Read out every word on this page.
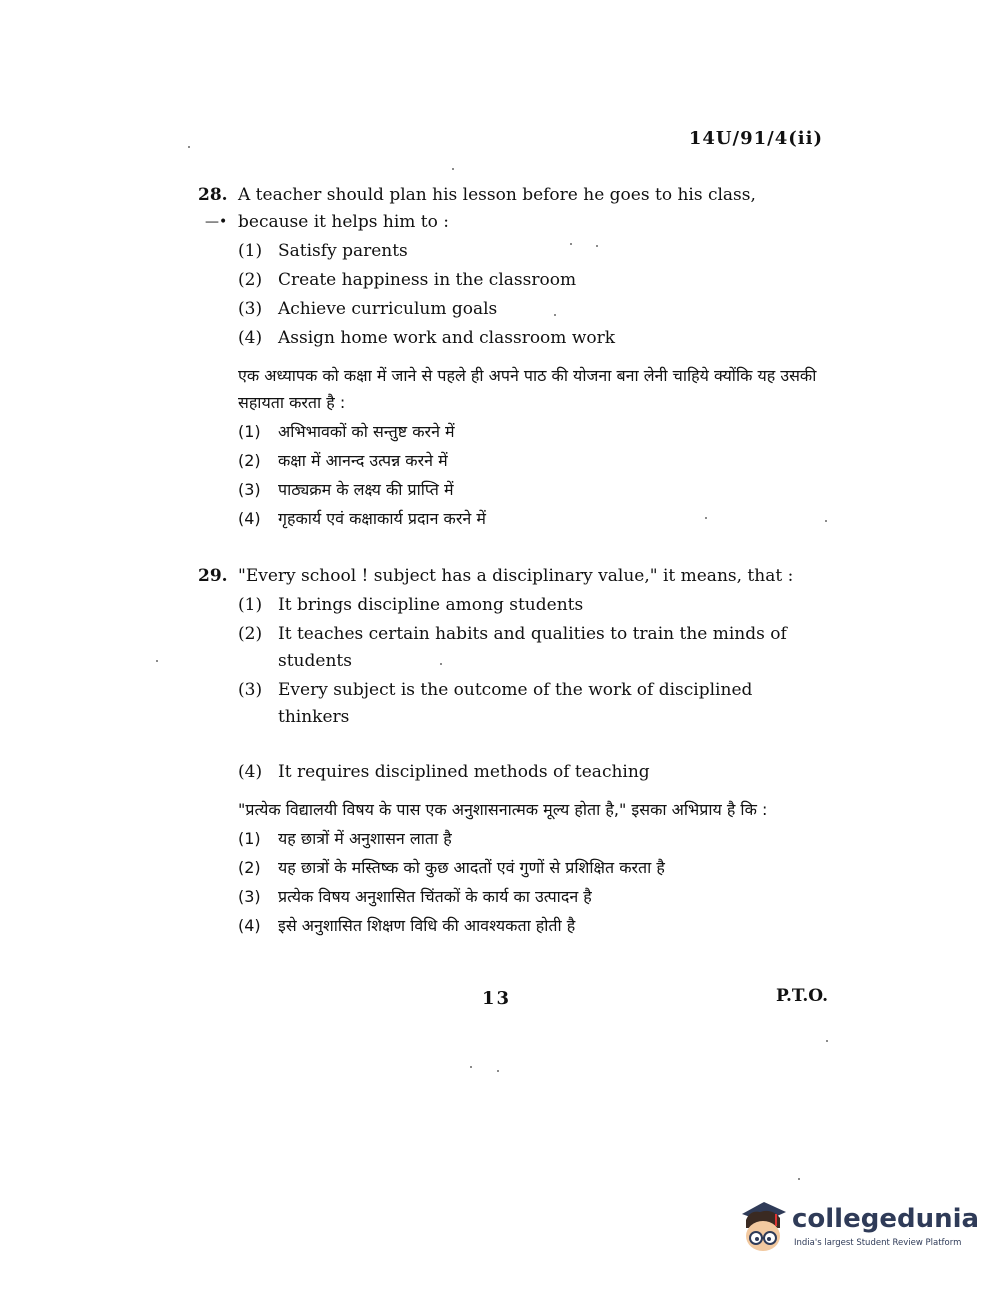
14U/91/4(ii)
—•
28. A teacher should plan his lesson before he goes to his class, because it helps him to :
(1) Satisfy parents
(2) Create happiness in the classroom
(3) Achieve curriculum goals
(4) Assign home work and classroom work
एक अध्यापक को कक्षा में जाने से पहले ही अपने पाठ की योजना बना लेनी चाहिये क्योंकि यह उसकी सहायता करता है :
(1) अभिभावकों को सन्तुष्ट करने में
(2) कक्षा में आनन्द उत्पन्न करने में
(3) पाठ्यक्रम के लक्ष्य की प्राप्ति में
(4) गृहकार्य एवं कक्षाकार्य प्रदान करने में
29. "Every school ! subject has a disciplinary value," it means, that :
(1) It brings discipline among students
(2) It teaches certain habits and qualities to train the minds of students
(3) Every subject is the outcome of the work of disciplined thinkers
(4) It requires disciplined methods of teaching
"प्रत्येक विद्यालयी विषय के पास एक अनुशासनात्मक मूल्य होता है," इसका अभिप्राय है कि :
(1) यह छात्रों में अनुशासन लाता है
(2) यह छात्रों के मस्तिष्क को कुछ आदतों एवं गुणों से प्रशिक्षित करता है
(3) प्रत्येक विषय अनुशासित चिंतकों के कार्य का उत्पादन है
(4) इसे अनुशासित शिक्षण विधि की आवश्यकता होती है
13	P.T.O.
collegedunia
India's largest Student Review Platform
